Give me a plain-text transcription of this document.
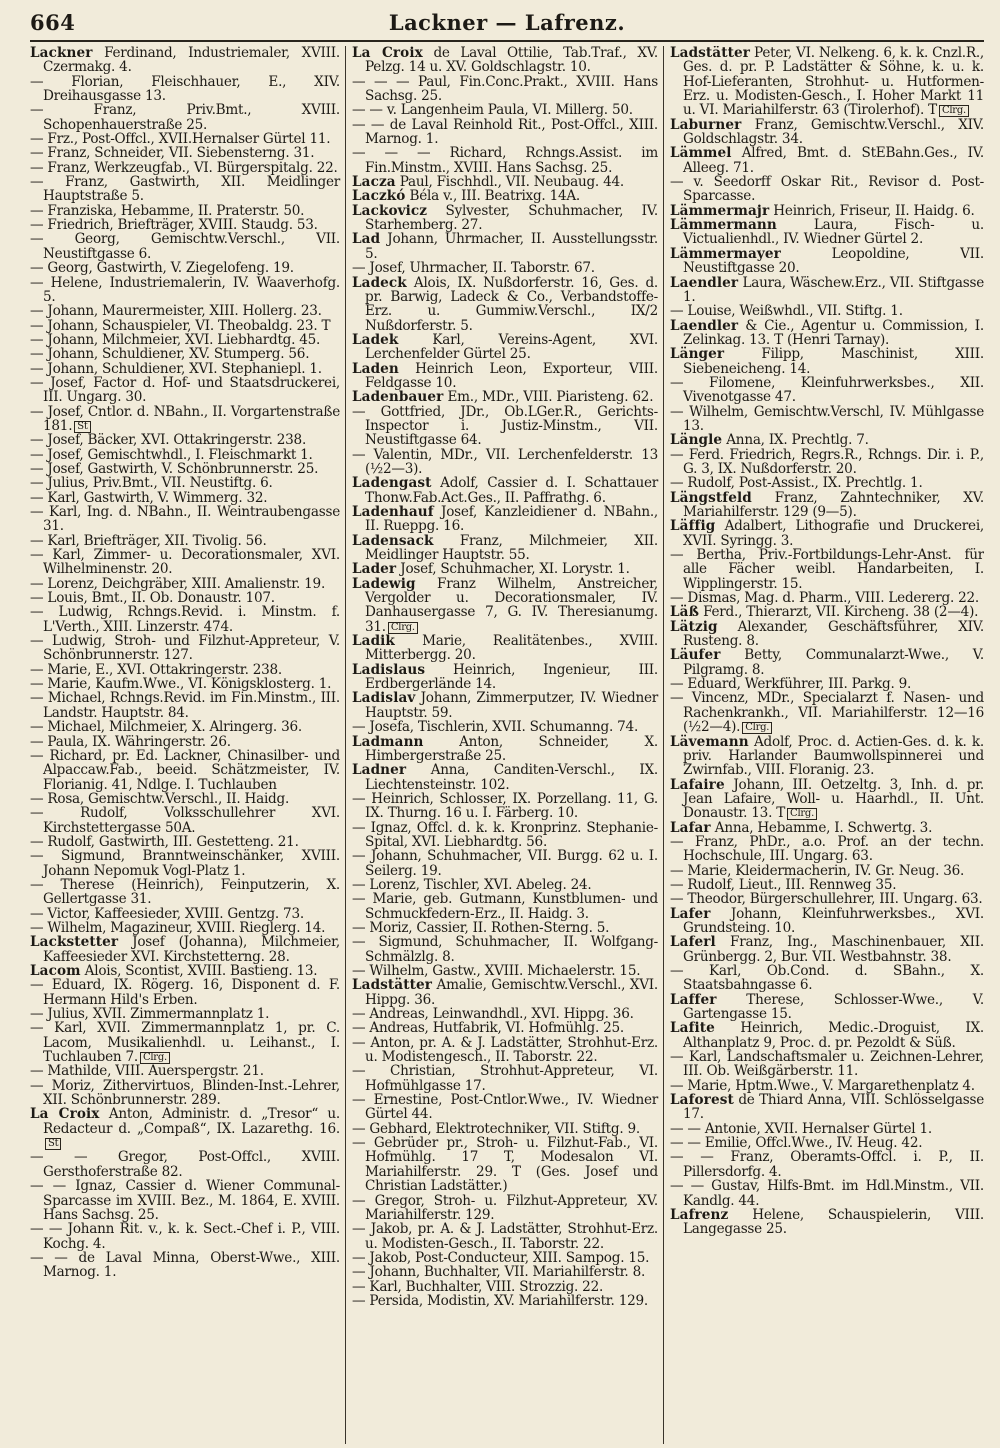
664	Lackner — Lafrenz.

Lackner Ferdinand, Industriemaler, XVIII. Czermakg. 4.

— Florian, Fleischhauer, E., XIV. Dreihausgasse 13.

— Franz, Priv.Bmt., XVIII. Schopenhauerstraße 25.

— Frz., Post-Offcl., XVII.Hernalser Gürtel 11.

— Franz, Schneider, VII. Siebensterng. 31.

— Franz, Werkzeugfab., VI. Bürgerspitalg. 22.

— Franz, Gastwirth, XII. Meidlinger Hauptstraße 5.

— Franziska, Hebamme, II. Praterstr. 50.

— Friedrich, Briefträger, XVIII. Staudg. 53.

— Georg, Gemischtw.Verschl., VII. Neustiftgasse 6.

— Georg, Gastwirth, V. Ziegelofeng. 19.

— Helene, Industriemalerin, IV. Waaverhofg. 5.

— Johann, Maurermeister, XIII. Hollerg. 23.

— Johann, Schauspieler, VI. Theobaldg. 23. T

— Johann, Milchmeier, XVI. Liebhardtg. 45.

— Johann, Schuldiener, XV. Stumperg. 56.

— Johann, Schuldiener, XVI. Stephaniepl. 1.

— Josef, Factor d. Hof- und Staatsdruckerei, III. Ungarg. 30.

— Josef, Cntlor. d. NBahn., II. Vorgartenstraße 181. St

— Josef, Bäcker, XVI. Ottakringerstr. 238.

— Josef, Gemischtwhdl., I. Fleischmarkt 1.

— Josef, Gastwirth, V. Schönbrunnerstr. 25.

— Julius, Priv.Bmt., VII. Neustiftg. 6.

— Karl, Gastwirth, V. Wimmerg. 32.

— Karl, Ing. d. NBahn., II. Weintraubengasse 31.

— Karl, Briefträger, XII. Tivolig. 56.

— Karl, Zimmer- u. Decorationsmaler, XVI. Wilhelminenstr. 20.

— Lorenz, Deichgräber, XIII. Amalienstr. 19.

— Louis, Bmt., II. Ob. Donaustr. 107.

— Ludwig, Rchngs.Revid. i. Minstm. f. L'Verth., XIII. Linzerstr. 474.

— Ludwig, Stroh- und Filzhut-Appreteur, V. Schönbrunnerstr. 127.

— Marie, E., XVI. Ottakringerstr. 238.

— Marie, Kaufm.Wwe., VI. Königsklosterg. 1.

— Michael, Rchngs.Revid. im Fin.Minstm., III. Landstr. Hauptstr. 84.

— Michael, Milchmeier, X. Alringerg. 36.

— Paula, IX. Währingerstr. 26.

— Richard, pr. Ed. Lackner, Chinasilber- und Alpaccaw.Fab., beeid. Schätzmeister, IV. Florianig. 41, Ndlge. I. Tuchlauben

— Rosa, Gemischtw.Verschl., II. Haidg.

— Rudolf, Volksschullehrer XVI. Kirchstettergasse 50A.

— Rudolf, Gastwirth, III. Gestetteng. 21.

— Sigmund, Branntweinschänker, XVIII. Johann Nepomuk Vogl-Platz 1.

— Therese (Heinrich), Feinputzerin, X. Gellertgasse 31.

— Victor, Kaffeesieder, XVIII. Gentzg. 73.

— Wilhelm, Magazineur, XVIII. Rieglerg. 14.

Lackstetter Josef (Johanna), Milchmeier, Kaffeesieder XVI. Kirchstetterng. 28.

Lacom Alois, Scontist, XVIII. Bastieng. 13.

— Eduard, IX. Rögerg. 16, Disponent d. F. Hermann Hild's Erben.

— Julius, XVII. Zimmermannplatz 1.

— Karl, XVII. Zimmermannplatz 1, pr. C. Lacom, Musikalienhdl. u. Leihanst., I. Tuchlauben 7. Clrg.

— Mathilde, VIII. Auerspergstr. 21.

— Moriz, Zithervirtuos, Blinden-Inst.-Lehrer, XII. Schönbrunnerstr. 289.

La Croix Anton, Administr. d. „Tresor“ u. Redacteur d. „Compaß“, IX. Lazarethg. 16.St

— — Gregor, Post-Offcl., XVIII. Gersthoferstraße 82.

— — Ignaz, Cassier d. Wiener Communal-Sparcasse im XVIII. Bez., M. 1864, E. XVIII. Hans Sachsg. 25.

— — Johann Rit. v., k. k. Sect.-Chef i. P., VIII. Kochg. 4.

— — de Laval Minna, Oberst-Wwe., XIII. Marnog. 1.

La Croix de Laval Ottilie, Tab.Traf., XV. Pelzg. 14 u. XV. Goldschlagstr. 10.

— — — Paul, Fin.Conc.Prakt., XVIII. Hans Sachsg. 25.

— — v. Langenheim Paula, VI. Millerg. 50.

— — de Laval Reinhold Rit., Post-Offcl., XIII. Marnog. 1.

— — — Richard, Rchngs.Assist. im Fin.Minstm., XVIII. Hans Sachsg. 25.

Lacza Paul, Fischhdl., VII. Neubaug. 44.

Laczkó Béla v., III. Beatrixg. 14A.

Lackovicz Sylvester, Schuhmacher, IV. Starhemberg. 27.

Lad Johann, Uhrmacher, II. Ausstellungsstr. 5.

— Josef, Uhrmacher, II. Taborstr. 67.

Ladeck Alois, IX. Nußdorferstr. 16, Ges. d. pr. Barwig, Ladeck & Co., Verbandstoffe-Erz. u. Gummiw.Verschl., IX/2 Nußdorferstr. 5.

Ladek Karl, Vereins-Agent, XVI. Lerchenfelder Gürtel 25.

Laden Heinrich Leon, Exporteur, VIII. Feldgasse 10.

Ladenbauer Em., MDr., VIII. Piaristeng. 62.

— Gottfried, JDr., Ob.LGer.R., Gerichts-Inspector i. Justiz-Minstm., VII. Neustiftgasse 64.

— Valentin, MDr., VII. Lerchenfelderstr. 13 (½2—3).

Ladengast Adolf, Cassier d. I. Schattauer Thonw.Fab.Act.Ges., II. Paffrathg. 6.

Ladenhauf Josef, Kanzleidiener d. NBahn., II. Rueppg. 16.

Ladensack Franz, Milchmeier, XII. Meidlinger Hauptstr. 55.

Lader Josef, Schuhmacher, XI. Lorystr. 1.

Ladewig Franz Wilhelm, Anstreicher, Vergolder u. Decorationsmaler, IV. Danhausergasse 7, G. IV. Theresianumg. 31. Clrg.

Ladik Marie, Realitätenbes., XVIII. Mitterbergg. 20.

Ladislaus Heinrich, Ingenieur, III. Erdbergerlände 14.

Ladislav Johann, Zimmerputzer, IV. Wiedner Hauptstr. 59.

— Josefa, Tischlerin, XVII. Schumanng. 74.

Ladmann Anton, Schneider, X. Himbergerstraße 25.

Ladner Anna, Canditen-Verschl., IX. Liechtensteinstr. 102.

— Heinrich, Schlosser, IX. Porzellang. 11, G. IX. Thurng. 16 u. I. Färberg. 10.

— Ignaz, Offcl. d. k. k. Kronprinz. Stephanie-Spital, XVI. Liebhardtg. 56.

— Johann, Schuhmacher, VII. Burgg. 62 u. I. Seilerg. 19.

— Lorenz, Tischler, XVI. Abeleg. 24.

— Marie, geb. Gutmann, Kunstblumen- und Schmuckfedern-Erz., II. Haidg. 3.

— Moriz, Cassier, II. Rothen-Sterng. 5.

— Sigmund, Schuhmacher, II. Wolfgang-Schmälzlg. 8.

— Wilhelm, Gastw., XVIII. Michaelerstr. 15.

Ladstätter Amalie, Gemischtw.Verschl., XVI. Hippg. 36.

— Andreas, Leinwandhdl., XVI. Hippg. 36.

— Andreas, Hutfabrik, VI. Hofmühlg. 25.

— Anton, pr. A. & J. Ladstätter, Strohhut-Erz. u. Modistengesch., II. Taborstr. 22.

— Christian, Strohhut-Appreteur, VI. Hofmühlgasse 17.

— Ernestine, Post-Cntlor.Wwe., IV. Wiedner Gürtel 44.

— Gebhard, Elektrotechniker, VII. Stiftg. 9.

— Gebrüder pr., Stroh- u. Filzhut-Fab., VI. Hofmühlg. 17 T, Modesalon VI. Mariahilferstr. 29. T (Ges. Josef und Christian Ladstätter.)

— Gregor, Stroh- u. Filzhut-Appreteur, XV. Mariahilferstr. 129.

— Jakob, pr. A. & J. Ladstätter, Strohhut-Erz. u. Modisten-Gesch., II. Taborstr. 22.

— Jakob, Post-Conducteur, XIII. Sampog. 15.

— Johann, Buchhalter, VII. Mariahilferstr. 8.

— Karl, Buchhalter, VIII. Strozzig. 22.

— Persida, Modistin, XV. Mariahilferstr. 129.

Ladstätter Peter, VI. Nelkeng. 6, k. k. Cnzl.R., Ges. d. pr. P. Ladstätter & Söhne, k. u. k. Hof-Lieferanten, Strohhut- u. Hutformen-Erz. u. Modisten-Gesch., I. Hoher Markt 11 u. VI. Mariahilferstr. 63 (Tirolerhof). T Clrg.

Laburner Franz, Gemischtw.Verschl., XIV. Goldschlagstr. 34.

Lämmel Alfred, Bmt. d. StEBahn.Ges., IV. Alleeg. 71.

— v. Seedorff Oskar Rit., Revisor d. Post-Sparcasse.

Lämmermajr Heinrich, Friseur, II. Haidg. 6.

Lämmermann Laura, Fisch- u. Victualienhdl., IV. Wiedner Gürtel 2.

Lämmermayer Leopoldine, VII. Neustiftgasse 20.

Laendler Laura, Wäschew.Erz., VII. Stiftgasse 1.

— Louise, Weißwhdl., VII. Stiftg. 1.

Laendler & Cie., Agentur u. Commission, I. Zelinkag. 13. T (Henri Tarnay).

Länger Filipp, Maschinist, XIII. Siebeneicheng. 14.

— Filomene, Kleinfuhrwerksbes., XII. Vivenotgasse 47.

— Wilhelm, Gemischtw.Verschl, IV. Mühlgasse 13.

Längle Anna, IX. Prechtlg. 7.

— Ferd. Friedrich, Regrs.R., Rchngs. Dir. i. P., G. 3, IX. Nußdorferstr. 20.

— Rudolf, Post-Assist., IX. Prechtlg. 1.

Längstfeld Franz, Zahntechniker, XV. Mariahilferstr. 129 (9—5).

Läffig Adalbert, Lithografie und Druckerei, XVII. Syringg. 3.

— Bertha, Priv.-Fortbildungs-Lehr-Anst. für alle Fächer weibl. Handarbeiten, I. Wipplingerstr. 15.

— Dismas, Mag. d. Pharm., VIII. Ledererg. 22.

Läß Ferd., Thierarzt, VII. Kircheng. 38 (2—4).

Lätzig Alexander, Geschäftsführer, XIV. Rusteng. 8.

Läufer Betty, Communalarzt-Wwe., V. Pilgramg. 8.

— Eduard, Werkführer, III. Parkg. 9.

— Vincenz, MDr., Specialarzt f. Nasen- und Rachenkrankh., VII. Mariahilferstr. 12—16 (½2—4). Clrg.

Lävemann Adolf, Proc. d. Actien-Ges. d. k. k. priv. Harlander Baumwollspinnerei und Zwirnfab., VIII. Floranig. 23.

Lafaire Johann, III. Oetzeltg. 3, Inh. d. pr. Jean Lafaire, Woll- u. Haarhdl., II. Unt. Donaustr. 13. T Clrg.

Lafar Anna, Hebamme, I. Schwertg. 3.

— Franz, PhDr., a.o. Prof. an der techn. Hochschule, III. Ungarg. 63.

— Marie, Kleidermacherin, IV. Gr. Neug. 36.

— Rudolf, Lieut., III. Rennweg 35.

— Theodor, Bürgerschullehrer, III. Ungarg. 63.

Lafer Johann, Kleinfuhrwerksbes., XVI. Grundsteing. 10.

Laferl Franz, Ing., Maschinenbauer, XII. Grünbergg. 2, Bur. VII. Westbahnstr. 38.

— Karl, Ob.Cond. d. SBahn., X. Staatsbahngasse 6.

Laffer Therese, Schlosser-Wwe., V. Gartengasse 15.

Lafite Heinrich, Medic.-Droguist, IX. Althanplatz 9, Proc. d. pr. Pezoldt & Süß.

— Karl, Landschaftsmaler u. Zeichnen-Lehrer, III. Ob. Weißgärberstr. 11.

— Marie, Hptm.Wwe., V. Margarethenplatz 4.

Laforest de Thiard Anna, VIII. Schlösselgasse 17.

— — Antonie, XVII. Hernalser Gürtel 1.

— — Emilie, Offcl.Wwe., IV. Heug. 42.

— — Franz, Oberamts-Offcl. i. P., II. Pillersdorfg. 4.

— — Gustav, Hilfs-Bmt. im Hdl.Minstm., VII. Kandlg. 44.

Lafrenz Helene, Schauspielerin, VIII. Langegasse 25.
